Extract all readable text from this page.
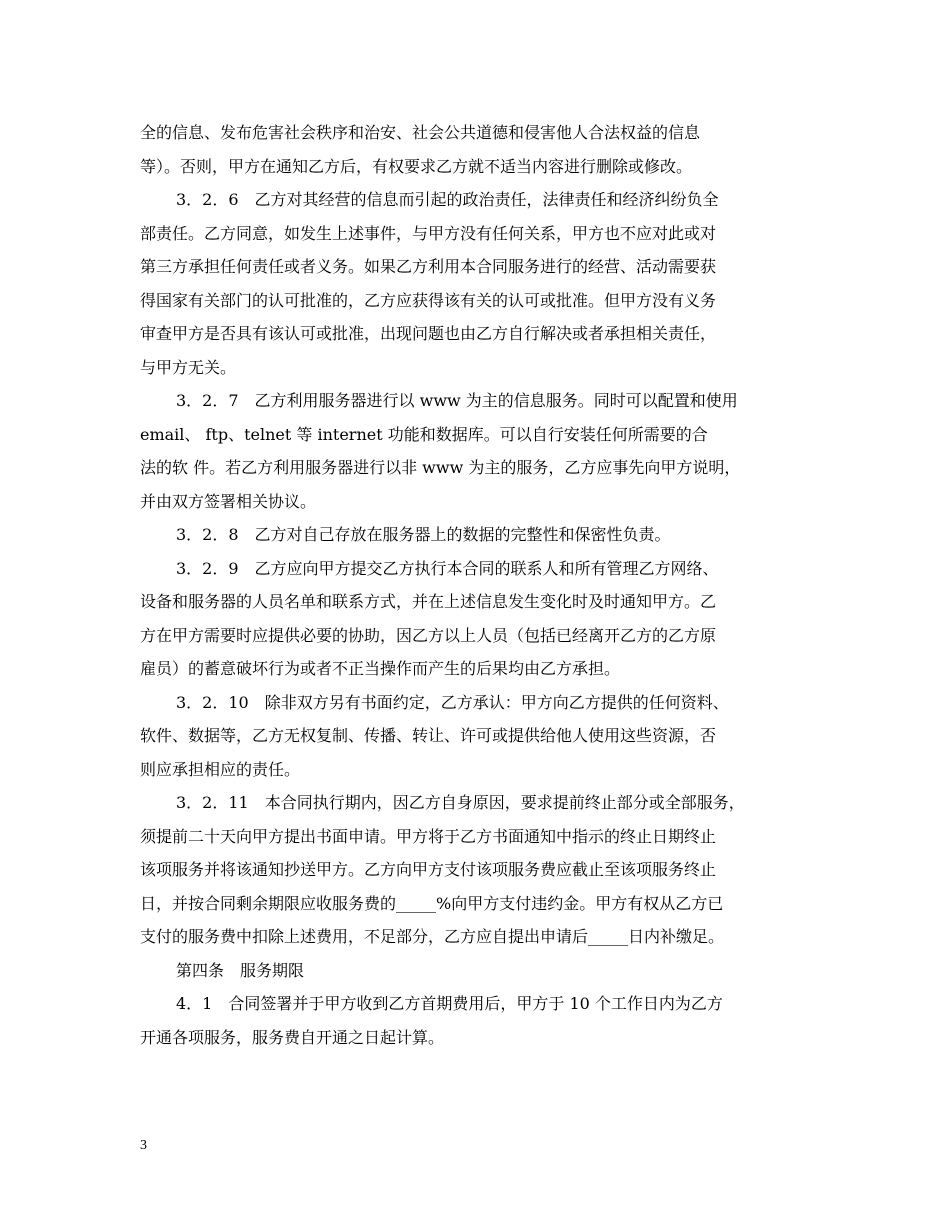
全的信息、发布危害社会秩序和治安、社会公共道德和侵害他人合法权益的信息
等）。否则，甲方在通知乙方后，有权要求乙方就不适当内容进行删除或修改。
3．2．6　乙方对其经营的信息而引起的政治责任，法律责任和经济纠纷负全
部责任。乙方同意，如发生上述事件，与甲方没有任何关系，甲方也不应对此或对
第三方承担任何责任或者义务。如果乙方利用本合同服务进行的经营、活动需要获
得国家有关部门的认可批准的，乙方应获得该有关的认可或批准。但甲方没有义务
审查甲方是否具有该认可或批准，出现问题也由乙方自行解决或者承担相关责任，
与甲方无关。
3．2．7　乙方利用服务器进行以 www 为主的信息服务。同时可以配置和使用
email、 ftp、telnet 等 internet 功能和数据库。可以自行安装任何所需要的合
法的软 件。若乙方利用服务器进行以非 www 为主的服务，乙方应事先向甲方说明，
并由双方签署相关协议。
3．2．8　乙方对自己存放在服务器上的数据的完整性和保密性负责。
3．2．9　乙方应向甲方提交乙方执行本合同的联系人和所有管理乙方网络、
设备和服务器的人员名单和联系方式，并在上述信息发生变化时及时通知甲方。乙
方在甲方需要时应提供必要的协助，因乙方以上人员（包括已经离开乙方的乙方原
雇员）的蓄意破坏行为或者不正当操作而产生的后果均由乙方承担。
3．2．10　除非双方另有书面约定，乙方承认：甲方向乙方提供的任何资料、
软件、数据等，乙方无权复制、传播、转让、许可或提供给他人使用这些资源，否
则应承担相应的责任。
3．2．11　本合同执行期内，因乙方自身原因，要求提前终止部分或全部服务，
须提前二十天向甲方提出书面申请。甲方将于乙方书面通知中指示的终止日期终止
该项服务并将该通知抄送甲方。乙方向甲方支付该项服务费应截止至该项服务终止
日，并按合同剩余期限应收服务费的_____%向甲方支付违约金。甲方有权从乙方已
支付的服务费中扣除上述费用，不足部分，乙方应自提出申请后_____日内补缴足。
第四条　服务期限
4．1　合同签署并于甲方收到乙方首期费用后，甲方于 10 个工作日内为乙方
开通各项服务，服务费自开通之日起计算。
3
